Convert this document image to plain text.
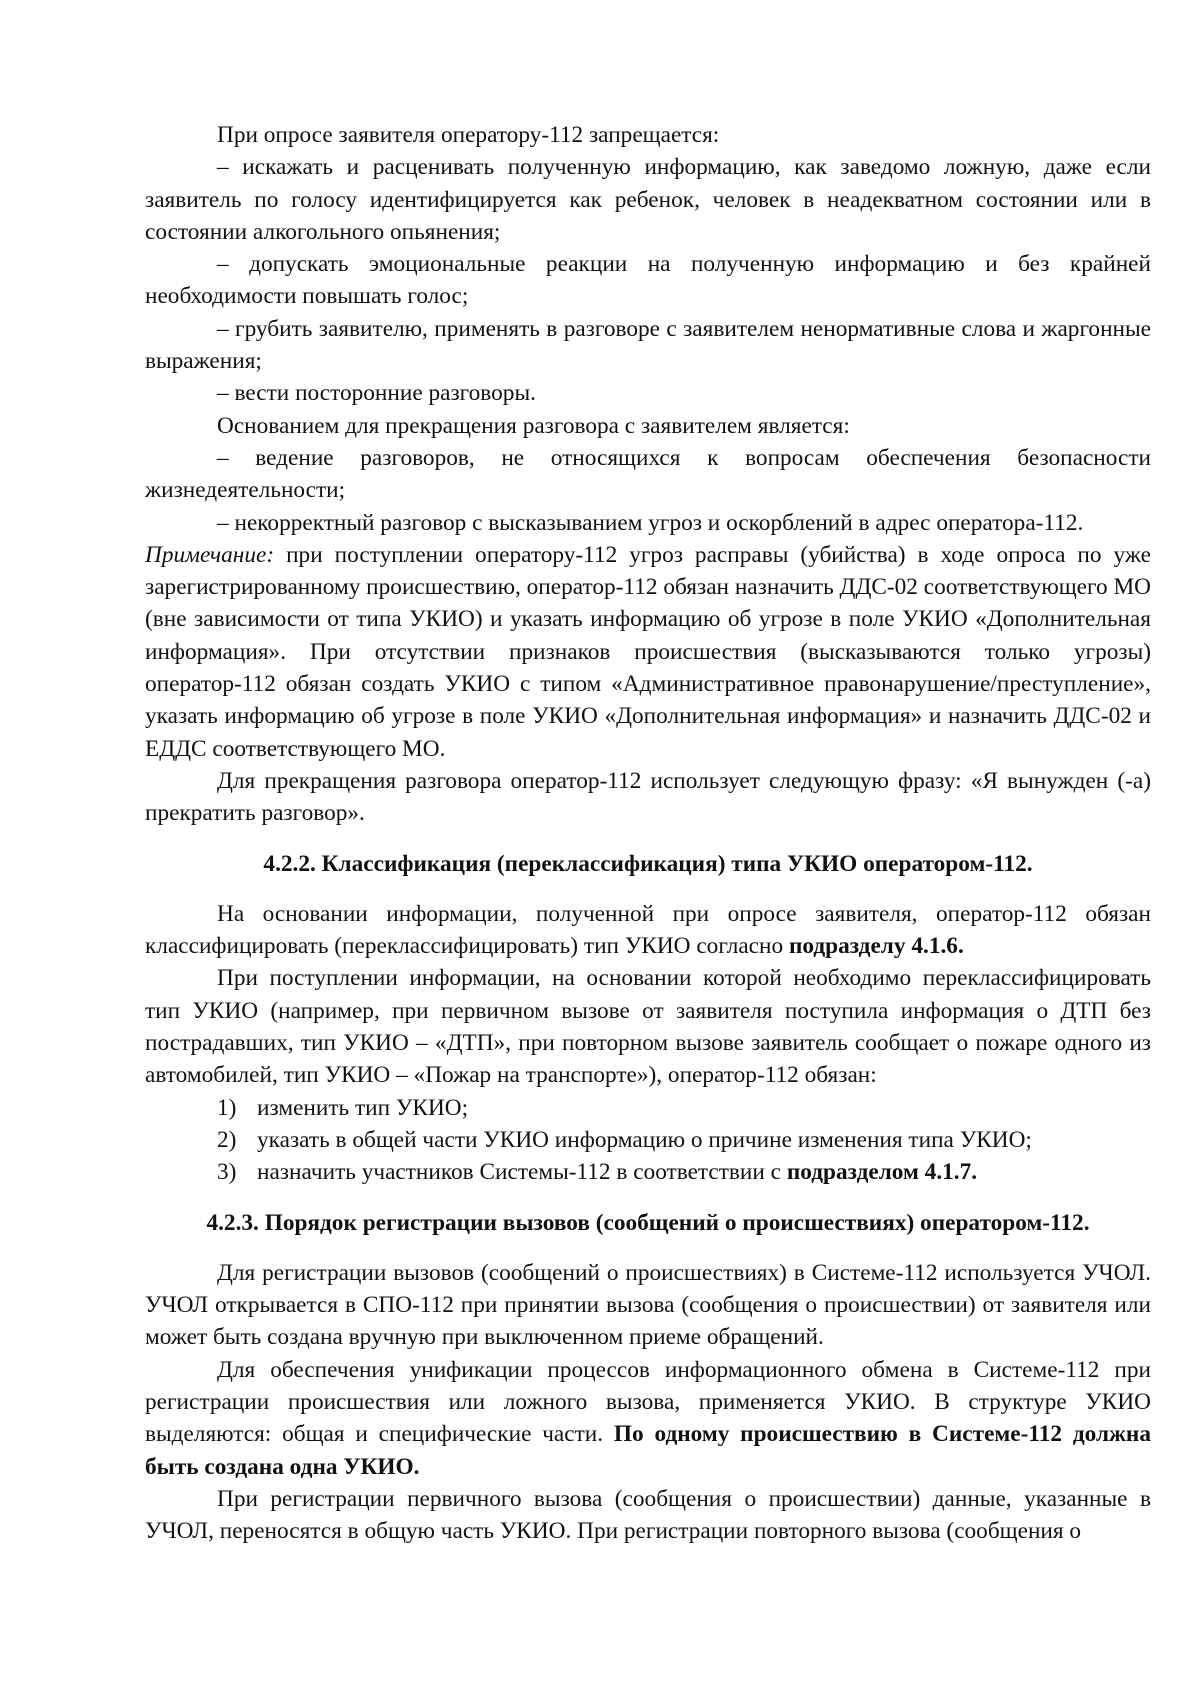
При опросе заявителя оператору-112 запрещается:

– искажать и расценивать полученную информацию, как заведомо ложную, даже если заявитель по голосу идентифицируется как ребенок, человек в неадекватном состоянии или в состоянии алкогольного опьянения;

– допускать эмоциональные реакции на полученную информацию и без крайней необходимости повышать голос;

– грубить заявителю, применять в разговоре с заявителем ненормативные слова и жаргонные выражения;

– вести посторонние разговоры.

Основанием для прекращения разговора с заявителем является:

– ведение разговоров, не относящихся к вопросам обеспечения безопасности жизнедеятельности;

– некорректный разговор с высказыванием угроз и оскорблений в адрес оператора-112.

Примечание: при поступлении оператору-112 угроз расправы (убийства) в ходе опроса по уже зарегистрированному происшествию, оператор-112 обязан назначить ДДС-02 соответствующего МО (вне зависимости от типа УКИО) и указать информацию об угрозе в поле УКИО «Дополнительная информация». При отсутствии признаков происшествия (высказываются только угрозы) оператор-112 обязан создать УКИО с типом «Административное правонарушение/преступление», указать информацию об угрозе в поле УКИО «Дополнительная информация» и назначить ДДС-02 и ЕДДС соответствующего МО.

Для прекращения разговора оператор-112 использует следующую фразу: «Я вынужден (-а) прекратить разговор».

4.2.2. Классификация (переклассификация) типа УКИО оператором-112.

На основании информации, полученной при опросе заявителя, оператор-112 обязан классифицировать (переклассифицировать) тип УКИО согласно подразделу 4.1.6.

При поступлении информации, на основании которой необходимо переклассифицировать тип УКИО (например, при первичном вызове от заявителя поступила информация о ДТП без пострадавших, тип УКИО – «ДТП», при повторном вызове заявитель сообщает о пожаре одного из автомобилей, тип УКИО – «Пожар на транспорте»), оператор-112 обязан:

1) изменить тип УКИО;

2) указать в общей части УКИО информацию о причине изменения типа УКИО;

3) назначить участников Системы-112 в соответствии с подразделом 4.1.7.

4.2.3. Порядок регистрации вызовов (сообщений о происшествиях) оператором-112.

Для регистрации вызовов (сообщений о происшествиях) в Системе-112 используется УЧОЛ. УЧОЛ открывается в СПО-112 при принятии вызова (сообщения о происшествии) от заявителя или может быть создана вручную при выключенном приеме обращений.

Для обеспечения унификации процессов информационного обмена в Системе-112 при регистрации происшествия или ложного вызова, применяется УКИО. В структуре УКИО выделяются: общая и специфические части. По одному происшествию в Системе-112 должна быть создана одна УКИО.

При регистрации первичного вызова (сообщения о происшествии) данные, указанные в УЧОЛ, переносятся в общую часть УКИО. При регистрации повторного вызова (сообщения о
